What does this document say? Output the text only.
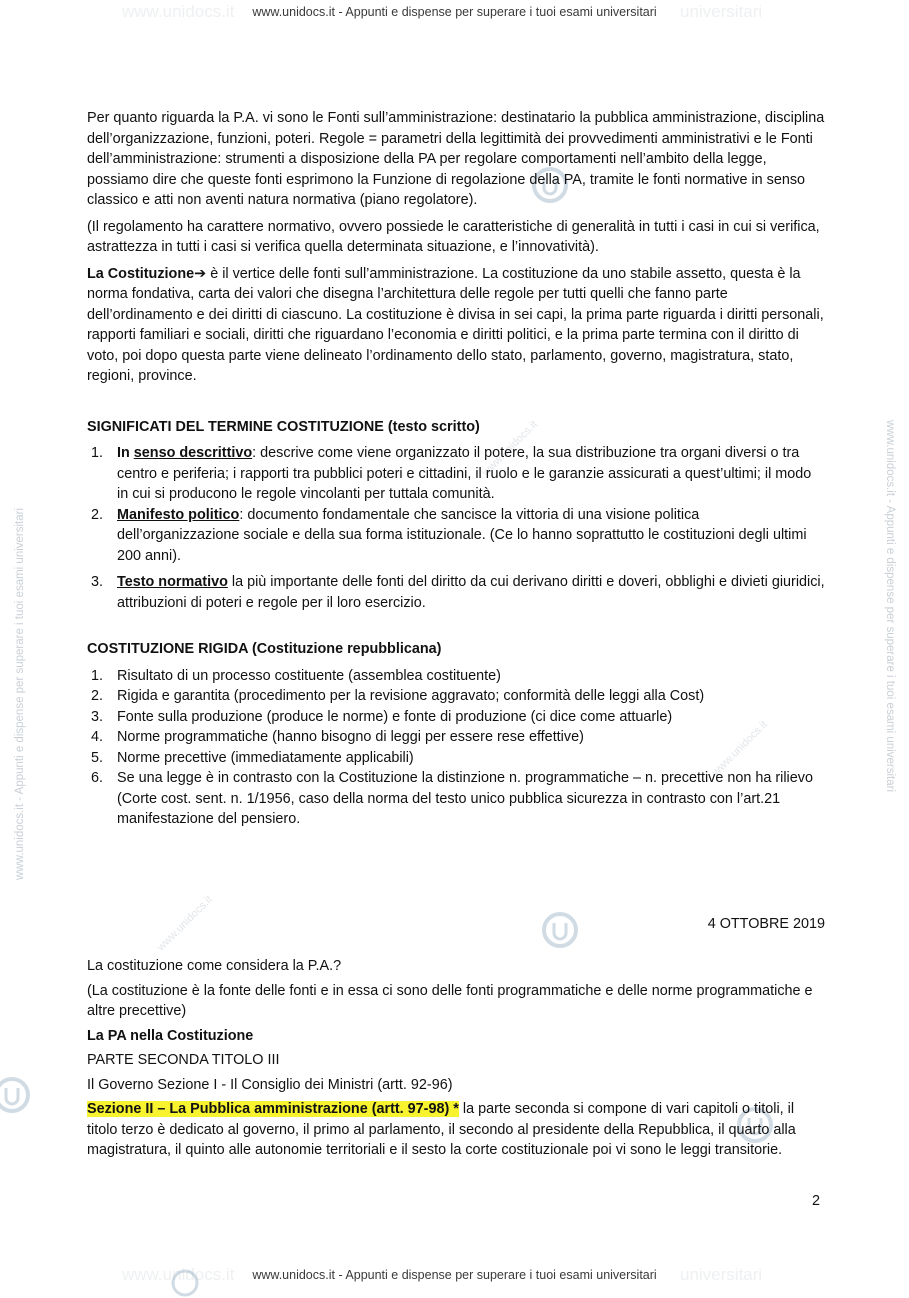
www.unidocs.it	universitari
www.unidocs.it	universitari
www.unidocs.it - Appunti e dispense per superare i tuoi esami universitari	www.unidocs.it - Appunti e dispense per superare i tuoi esami universitari
www.unidocs.it
www.unidocs.it
www.unidocs.it
www.unidocs.it - Appunti e dispense per superare i tuoi esami universitari
www.unidocs.it - Appunti e dispense per superare i tuoi esami universitari

Per quanto riguarda la P.A. vi sono le Fonti sull’amministrazione: destinatario la pubblica amministrazione, disciplina dell’organizzazione, funzioni, poteri. Regole = parametri della legittimità dei provvedimenti amministrativi e le Fonti dell’amministrazione: strumenti a disposizione della PA per regolare comportamenti nell’ambito della legge, possiamo dire che queste fonti esprimono la Funzione di regolazione della PA, tramite le fonti normative in senso classico e atti non aventi natura normativa (piano regolatore).

(Il regolamento ha carattere normativo, ovvero possiede le caratteristiche di generalità in tutti i casi in cui si verifica, astrattezza in tutti i casi si verifica quella determinata situazione, e l’innovatività).

La Costituzione➔ è il vertice delle fonti sull’amministrazione. La costituzione da uno stabile assetto, questa è la norma fondativa, carta dei valori che disegna l’architettura delle regole per tutti quelli che fanno parte dell’ordinamento e dei diritti di ciascuno. La costituzione è divisa in sei capi, la prima parte riguarda i diritti personali, rapporti familiari e sociali, diritti che riguardano l’economia e diritti politici, e la prima parte termina con il diritto di voto, poi dopo questa parte viene delineato l’ordinamento dello stato, parlamento, governo, magistratura, stato, regioni, province.

SIGNIFICATI DEL TERMINE COSTITUZIONE (testo scritto)

1. In senso descrittivo: descrive come viene organizzato il potere, la sua distribuzione tra organi diversi o tra centro e periferia; i rapporti tra pubblici poteri e cittadini, il ruolo e le garanzie assicurati a quest’ultimi; il modo in cui si producono le regole vincolanti per tuttala comunità.
2. Manifesto politico: documento fondamentale che sancisce la vittoria di una visione politica dell’organizzazione sociale e della sua forma istituzionale. (Ce lo hanno soprattutto le costituzioni degli ultimi 200 anni).
3. Testo normativo la più importante delle fonti del diritto da cui derivano diritti e doveri, obblighi e divieti giuridici, attribuzioni di poteri e regole per il loro esercizio.

COSTITUZIONE RIGIDA (Costituzione repubblicana)

1. Risultato di un processo costituente (assemblea costituente)
2. Rigida e garantita (procedimento per la revisione aggravato; conformità delle leggi alla Cost)
3. Fonte sulla produzione (produce le norme) e fonte di produzione (ci dice come attuarle)
4. Norme programmatiche (hanno bisogno di leggi per essere rese effettive)
5. Norme precettive (immediatamente applicabili)
6. Se una legge è in contrasto con la Costituzione la distinzione n. programmatiche – n. precettive non ha rilievo (Corte cost. sent. n. 1/1956, caso della norma del testo unico pubblica sicurezza in contrasto con l’art.21 manifestazione del pensiero.

4 OTTOBRE 2019

La costituzione come considera la P.A.?

(La costituzione è la fonte delle fonti e in essa ci sono delle fonti programmatiche e delle norme programmatiche e altre precettive)

La PA nella Costituzione

PARTE SECONDA TITOLO III

Il Governo Sezione I - Il Consiglio dei Ministri (artt. 92-96)

Sezione II – La Pubblica amministrazione (artt. 97-98) * la parte seconda si compone di vari capitoli o titoli, il titolo terzo è dedicato al governo, il primo al parlamento, il secondo al presidente della Repubblica, il quarto alla magistratura, il quinto alle autonomie territoriali e il sesto la corte costituzionale poi vi sono le leggi transitorie.

2
